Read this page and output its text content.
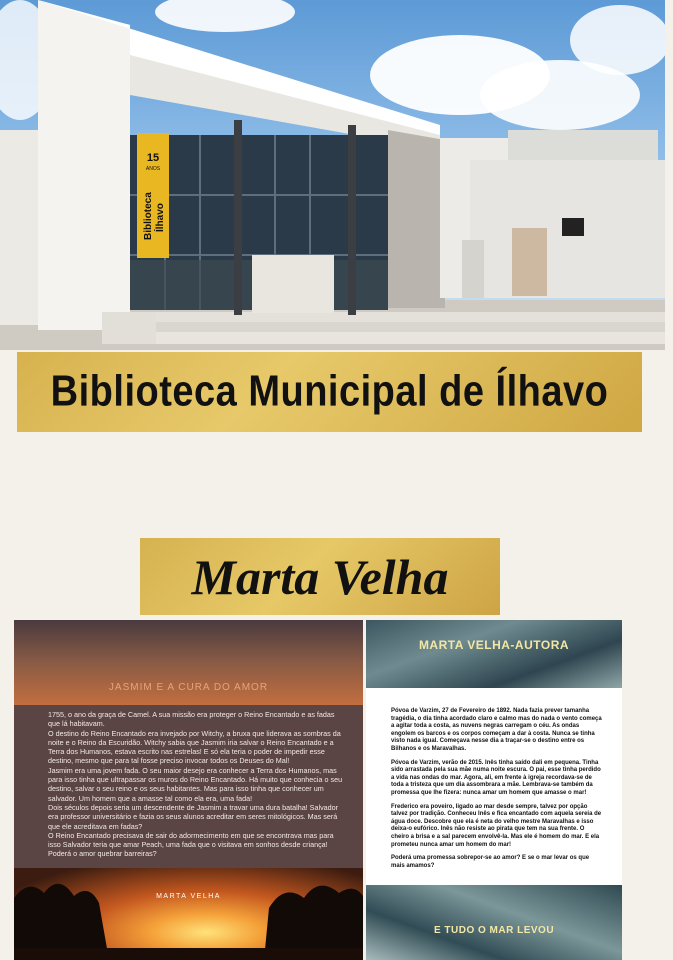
15
ANOS
Biblioteca Ílhavo
Biblioteca Municipal de Ílhavo
Marta Velha
JASMIM E A CURA DO AMOR
1755, o ano da graça de Camel. A sua missão era proteger o Reino Encantado e as fadas que lá habitavam.
O destino do Reino Encantado era invejado por Witchy, a bruxa que liderava as sombras da noite e o Reino da Escuridão. Witchy sabia que Jasmim iria salvar o Reino Encantado e a Terra dos Humanos, estava escrito nas estrelas! E só ela teria o poder de impedir esse destino, mesmo que para tal fosse preciso invocar todos os Deuses do Mal!
Jasmim era uma jovem fada. O seu maior desejo era conhecer a Terra dos Humanos, mas para isso tinha que ultrapassar os muros do Reino Encantado. Há muito que conhecia o seu destino, salvar o seu reino e os seus habitantes. Mas para isso tinha que conhecer um salvador. Um homem que a amasse tal como ela era, uma fada!
Dois séculos depois seria um descendente de Jasmim a travar uma dura batalha! Salvador era professor universitário e fazia os seus alunos acreditar em seres mitológicos. Mas será que ele acreditava em fadas?
O Reino Encantado precisava de sair do adormecimento em que se encontrava mas para isso Salvador teria que amar Peach, uma fada que o visitava em sonhos desde criança!
Poderá o amor quebrar barreiras?
MARTA VELHA
MARTA VELHA-AUTORA

Póvoa de Varzim, 27 de Fevereiro de 1892. Nada fazia prever tamanha tragédia, o dia tinha acordado claro e calmo mas do nada o vento começa a agitar toda a costa, as nuvens negras carregam o céu. As ondas engolem os barcos e os corpos começam a dar à costa. Nunca se tinha visto nada igual. Começava nesse dia a traçar-se o destino entre os Bilhanos e os Maravalhas.

Póvoa de Varzim, verão de 2015. Inês tinha saído dali em pequena. Tinha sido arrastada pela sua mãe numa noite escura. O pai, esse tinha perdido a vida nas ondas do mar. Agora, ali, em frente à igreja recordava-se de toda a tristeza que um dia assombrara a mãe. Lembrava-se também da promessa que lhe fizera: nunca amar um homem que amasse o mar!

Frederico era poveiro, ligado ao mar desde sempre, talvez por opção talvez por tradição. Conheceu Inês e fica encantado com aquela sereia de água doce. Descobre que ela é neta do velho mestre Maravalhas e isso deixa-o eufórico. Inês não resiste ao pirata que tem na sua frente. O cheiro a brisa e a sal parecem envolvê-la. Mas ele é homem do mar. E ela prometeu nunca amar um homem do mar!

Poderá uma promessa sobrepor-se ao amor? E se o mar levar os que mais amamos?

E TUDO O MAR LEVOU
